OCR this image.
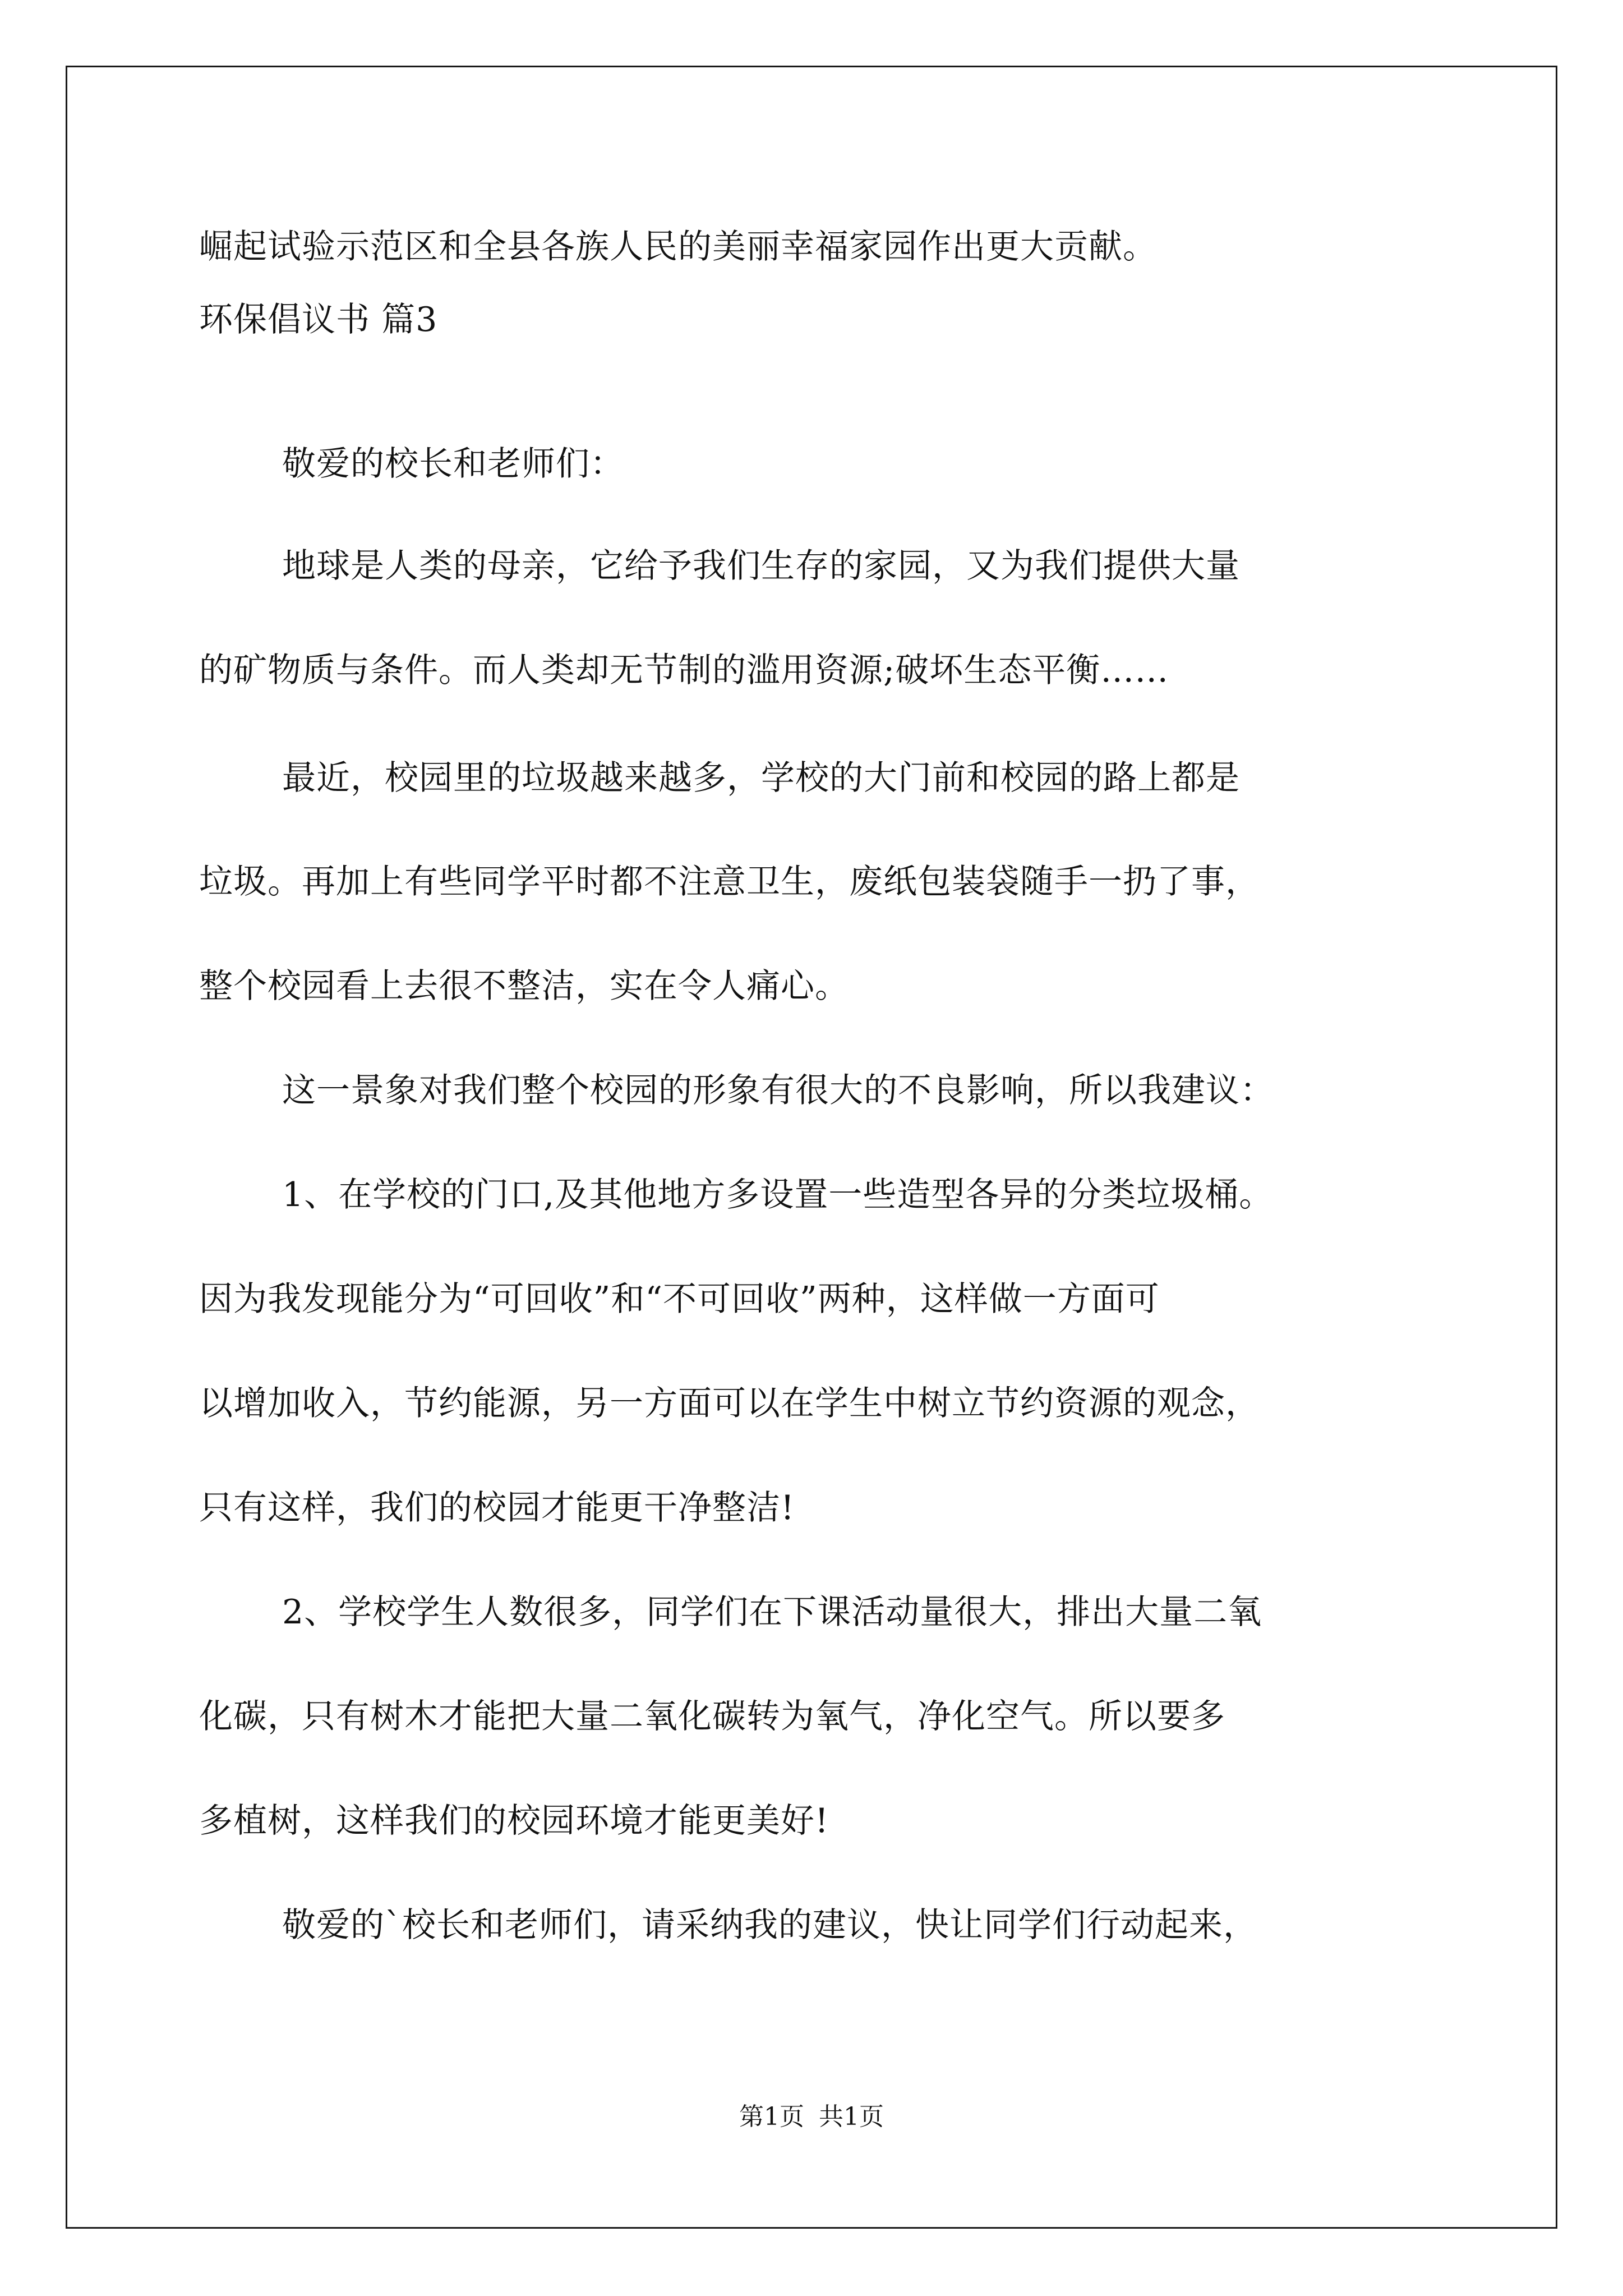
崛起试验示范区和全县各族人民的美丽幸福家园作出更大贡献。
环保倡议书 篇3
敬爱的校长和老师们：
地球是人类的母亲，它给予我们生存的家园，又为我们提供大量
的矿物质与条件。而人类却无节制的滥用资源;破坏生态平衡……
最近，校园里的垃圾越来越多，学校的大门前和校园的路上都是
垃圾。再加上有些同学平时都不注意卫生，废纸包装袋随手一扔了事，
整个校园看上去很不整洁，实在令人痛心。
这一景象对我们整个校园的形象有很大的不良影响，所以我建议：
1、在学校的门口,及其他地方多设置一些造型各异的分类垃圾桶。
因为我发现能分为“可回收”和“不可回收”两种，这样做一方面可
以增加收入，节约能源，另一方面可以在学生中树立节约资源的观念，
只有这样，我们的校园才能更干净整洁!
2、学校学生人数很多，同学们在下课活动量很大，排出大量二氧
化碳，只有树木才能把大量二氧化碳转为氧气，净化空气。所以要多
多植树，这样我们的校园环境才能更美好!
敬爱的`校长和老师们，请采纳我的建议，快让同学们行动起来，
第1页 共1页
